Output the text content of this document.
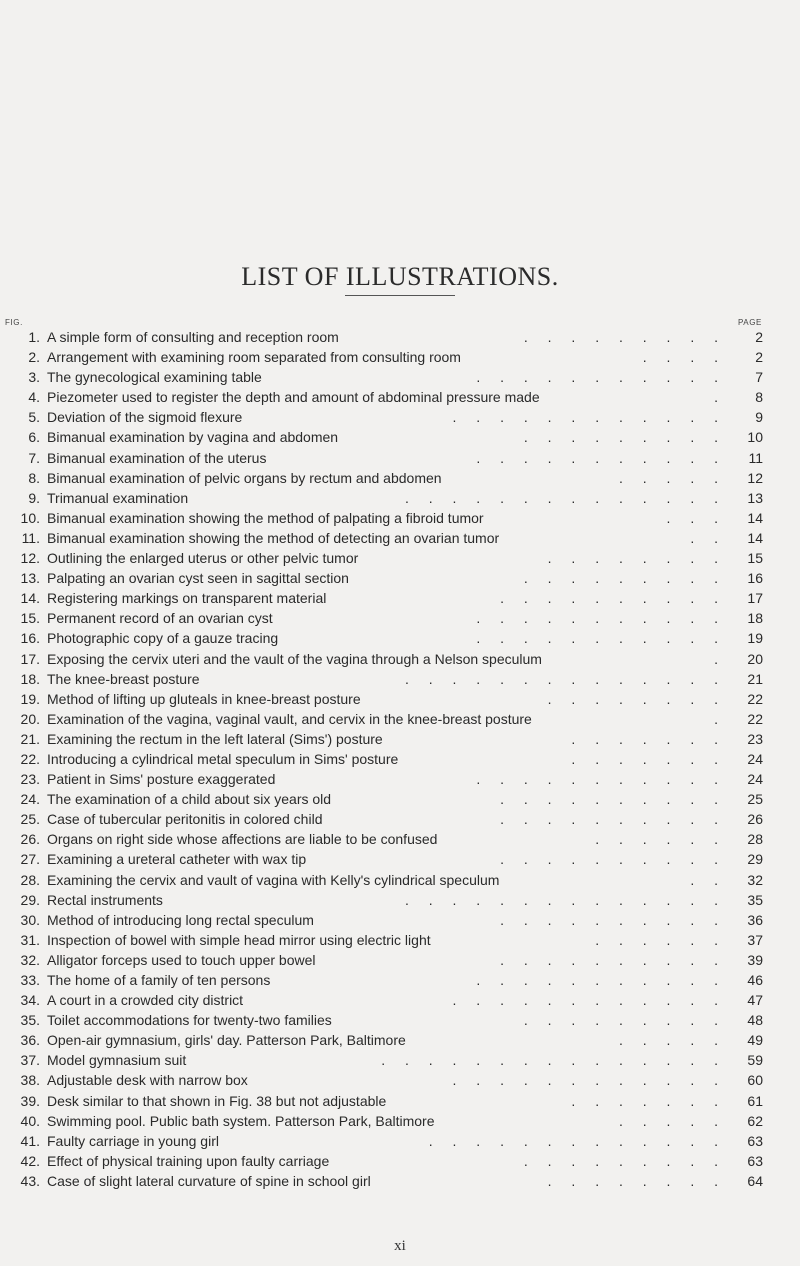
LIST OF ILLUSTRATIONS.
FIG.	PAGE
1. A simple form of consulting and reception room	. . . . . . . . . 2
2. Arrangement with examining room separated from consulting room	. . . . 2
3. The gynecological examining table	. . . . . . . . . . . 7
4. Piezometer used to register the depth and amount of abdominal pressure made	. 8
5. Deviation of the sigmoid flexure	. . . . . . . . . . . . 9
6. Bimanual examination by vagina and abdomen	. . . . . . . . . 10
7. Bimanual examination of the uterus	. . . . . . . . . . . 11
8. Bimanual examination of pelvic organs by rectum and abdomen	. . . . . 12
9. Trimanual examination	. . . . . . . . . . . . . . 13
10. Bimanual examination showing the method of palpating a fibroid tumor	. . . 14
11. Bimanual examination showing the method of detecting an ovarian tumor	. . 14
12. Outlining the enlarged uterus or other pelvic tumor	. . . . . . . . 15
13. Palpating an ovarian cyst seen in sagittal section	. . . . . . . . . 16
14. Registering markings on transparent material	. . . . . . . . . . 17
15. Permanent record of an ovarian cyst	. . . . . . . . . . . 18
16. Photographic copy of a gauze tracing	. . . . . . . . . . . 19
17. Exposing the cervix uteri and the vault of the vagina through a Nelson speculum	. 20
18. The knee-breast posture	. . . . . . . . . . . . . . 21
19. Method of lifting up gluteals in knee-breast posture	. . . . . . . . 22
20. Examination of the vagina, vaginal vault, and cervix in the knee-breast posture	. 22
21. Examining the rectum in the left lateral (Sims') posture	. . . . . . . 23
22. Introducing a cylindrical metal speculum in Sims' posture	. . . . . . . 24
23. Patient in Sims' posture exaggerated	. . . . . . . . . . . 24
24. The examination of a child about six years old	. . . . . . . . . . 25
25. Case of tubercular peritonitis in colored child	. . . . . . . . . . 26
26. Organs on right side whose affections are liable to be confused	. . . . . . 28
27. Examining a ureteral catheter with wax tip	. . . . . . . . . . 29
28. Examining the cervix and vault of vagina with Kelly's cylindrical speculum	. . 32
29. Rectal instruments	. . . . . . . . . . . . . . 35
30. Method of introducing long rectal speculum	. . . . . . . . . . 36
31. Inspection of bowel with simple head mirror using electric light	. . . . . . 37
32. Alligator forceps used to touch upper bowel	. . . . . . . . . . 39
33. The home of a family of ten persons	. . . . . . . . . . . 46
34. A court in a crowded city district	. . . . . . . . . . . . 47
35. Toilet accommodations for twenty-two families	. . . . . . . . . 48
36. Open-air gymnasium, girls' day. Patterson Park, Baltimore	. . . . . 49
37. Model gymnasium suit	. . . . . . . . . . . . . . . 59
38. Adjustable desk with narrow box	. . . . . . . . . . . . 60
39. Desk similar to that shown in Fig. 38 but not adjustable	. . . . . . . 61
40. Swimming pool. Public bath system. Patterson Park, Baltimore	. . . . . 62
41. Faulty carriage in young girl	. . . . . . . . . . . . . 63
42. Effect of physical training upon faulty carriage	. . . . . . . . . 63
43. Case of slight lateral curvature of spine in school girl	. . . . . . . . 64
xi
